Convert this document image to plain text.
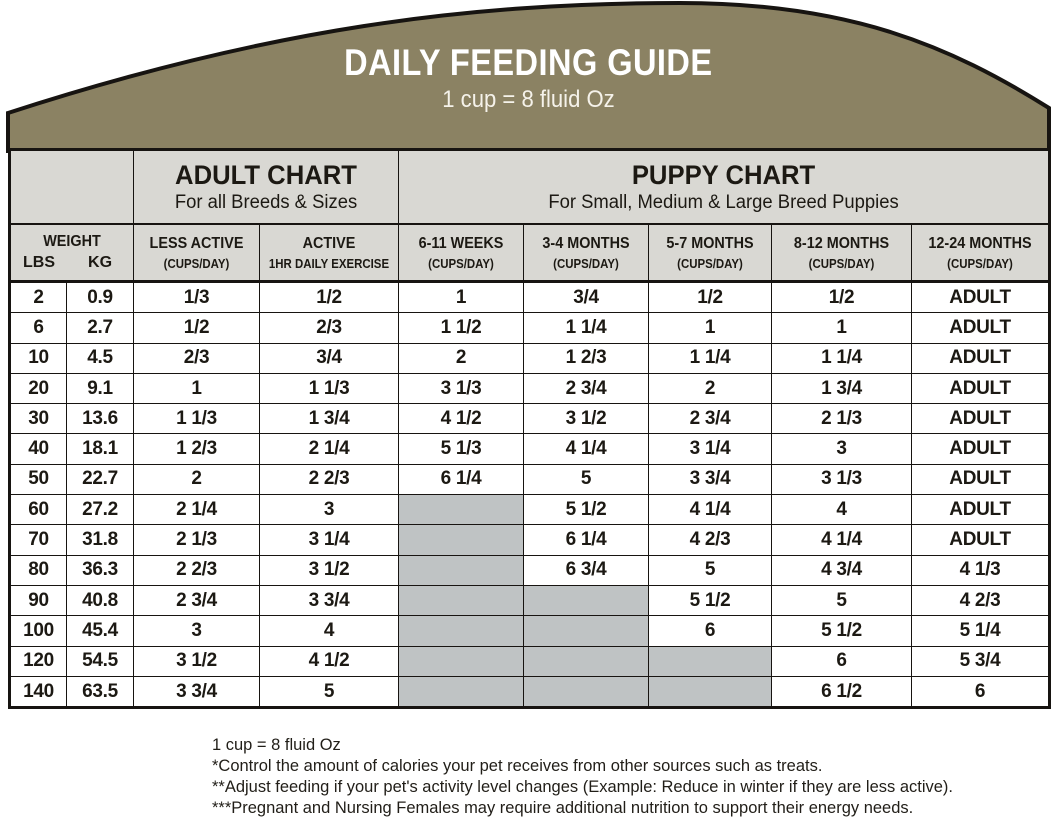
DAILY FEEDING GUIDE
1 cup = 8 fluid Oz

ADULT CHART
For all Breeds & Sizes

PUPPY CHART
For Small, Medium & Large Breed Puppies

WEIGHT
LBS	KG

LESS ACTIVE
(CUPS/DAY)

ACTIVE
1HR DAILY EXERCISE

6-11 WEEKS
(CUPS/DAY)

3-4 MONTHS
(CUPS/DAY)

5-7 MONTHS
(CUPS/DAY)

8-12 MONTHS
(CUPS/DAY)

12-24 MONTHS
(CUPS/DAY)

2	0.9	1/3	1/2	1	3/4	1/2	1/2	ADULT
6	2.7	1/2	2/3	1 1/2	1 1/4	1	1	ADULT
10	4.5	2/3	3/4	2	1 2/3	1 1/4	1 1/4	ADULT
20	9.1	1	1 1/3	3 1/3	2 3/4	2	1 3/4	ADULT
30	13.6	1 1/3	1 3/4	4 1/2	3 1/2	2 3/4	2 1/3	ADULT
40	18.1	1 2/3	2 1/4	5 1/3	4 1/4	3 1/4	3	ADULT
50	22.7	2	2 2/3	6 1/4	5	3 3/4	3 1/3	ADULT
60	27.2	2 1/4	3		5 1/2	4 1/4	4	ADULT
70	31.8	2 1/3	3 1/4		6 1/4	4 2/3	4 1/4	ADULT
80	36.3	2 2/3	3 1/2		6 3/4	5	4 3/4	4 1/3
90	40.8	2 3/4	3 3/4			5 1/2	5	4 2/3
100	45.4	3	4			6	5 1/2	5 1/4
120	54.5	3 1/2	4 1/2				6	5 3/4
140	63.5	3 3/4	5				6 1/2	6
1 cup = 8 fluid Oz
*Control the amount of calories your pet receives from other sources such as treats.
**Adjust feeding if your pet's activity level changes (Example: Reduce in winter if they are less active).
***Pregnant and Nursing Females may require additional nutrition to support their energy needs.
